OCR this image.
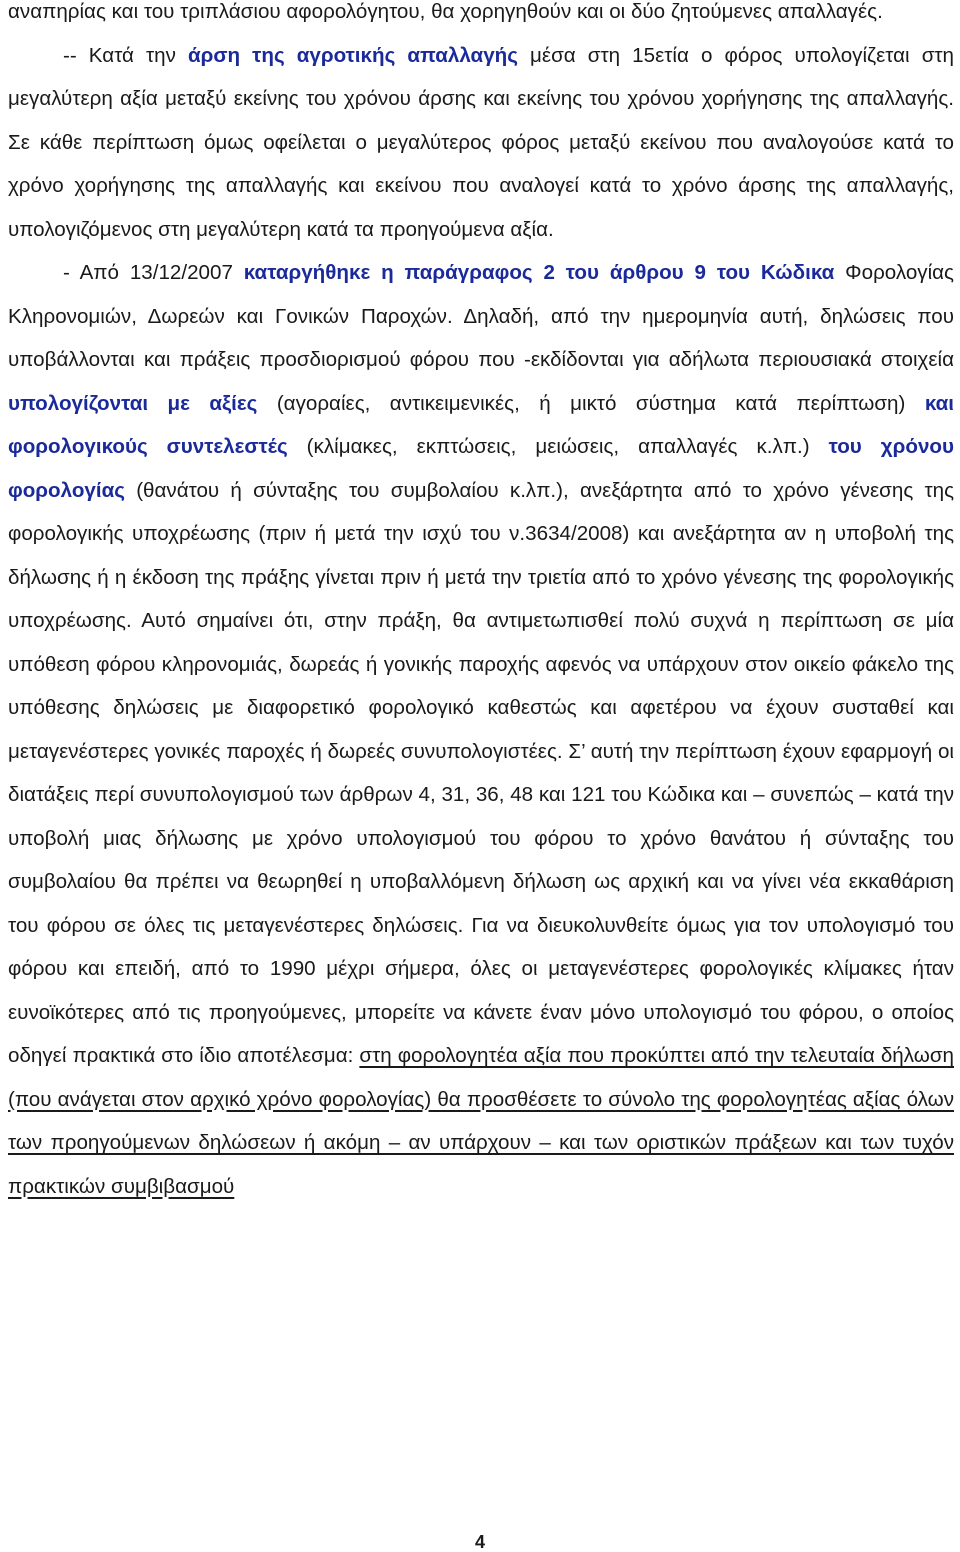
αναπηρίας και του τριπλάσιου αφορολόγητου, θα χορηγηθούν και οι δύο ζητούμενες απαλλαγές.

-- Κατά την άρση της αγροτικής απαλλαγής μέσα στη 15ετία ο φόρος υπολογίζεται στη μεγαλύτερη αξία μεταξύ εκείνης του χρόνου άρσης και εκείνης του χρόνου χορήγησης της απαλλαγής. Σε κάθε περίπτωση όμως οφείλεται ο μεγαλύτερος φόρος μεταξύ εκείνου που αναλογούσε κατά το χρόνο χορήγησης της απαλλαγής και εκείνου που αναλογεί κατά το χρόνο άρσης της απαλλαγής, υπολογιζόμενος στη μεγαλύτερη κατά τα προηγούμενα αξία.

- Από 13/12/2007 καταργήθηκε η παράγραφος 2 του άρθρου 9 του Κώδικα Φορολογίας Κληρονομιών, Δωρεών και Γονικών Παροχών. Δηλαδή, από την ημερομηνία αυτή, δηλώσεις που υποβάλλονται και πράξεις προσδιορισμού φόρου που -εκδίδονται για αδήλωτα περιουσιακά στοιχεία υπολογίζονται με αξίες (αγοραίες, αντικειμενικές, ή μικτό σύστημα κατά περίπτωση) και φορολογικούς συντελεστές (κλίμακες, εκπτώσεις, μειώσεις, απαλλαγές κ.λπ.) του χρόνου φορολογίας (θανάτου ή σύνταξης του συμβολαίου κ.λπ.), ανεξάρτητα από το χρόνο γένεσης της φορολογικής υποχρέωσης (πριν ή μετά την ισχύ του ν.3634/2008) και ανεξάρτητα αν η υποβολή της δήλωσης ή η έκδοση της πράξης γίνεται πριν ή μετά την τριετία από το χρόνο γένεσης της φορολογικής υποχρέωσης. Αυτό σημαίνει ότι, στην πράξη, θα αντιμετωπισθεί πολύ συχνά η περίπτωση σε μία υπόθεση φόρου κληρονομιάς, δωρεάς ή γονικής παροχής αφενός να υπάρχουν στον οικείο φάκελο της υπόθεσης δηλώσεις με διαφορετικό φορολογικό καθεστώς και αφετέρου να έχουν συσταθεί και μεταγενέστερες γονικές παροχές ή δωρεές συνυπολογιστέες. Σ’ αυτή την περίπτωση έχουν εφαρμογή οι διατάξεις περί συνυπολογισμού των άρθρων 4, 31, 36, 48 και 121 του Κώδικα και – συνεπώς – κατά την υποβολή μιας δήλωσης με χρόνο υπολογισμού του φόρου το χρόνο θανάτου ή σύνταξης του συμβολαίου θα πρέπει να θεωρηθεί η υποβαλλόμενη δήλωση ως αρχική και να γίνει νέα εκκαθάριση του φόρου σε όλες τις μεταγενέστερες δηλώσεις. Για να διευκολυνθείτε όμως για τον υπολογισμό του φόρου και επειδή, από το 1990 μέχρι σήμερα, όλες οι μεταγενέστερες φορολογικές κλίμακες ήταν ευνοϊκότερες από τις προηγούμενες, μπορείτε να κάνετε έναν μόνο υπολογισμό του φόρου, ο οποίος οδηγεί πρακτικά στο ίδιο αποτέλεσμα: στη φορολογητέα αξία που προκύπτει από την τελευταία δήλωση (που ανάγεται στον αρχικό χρόνο φορολογίας) θα προσθέσετε το σύνολο της φορολογητέας αξίας όλων των προηγούμενων δηλώσεων ή ακόμη – αν υπάρχουν – και των οριστικών πράξεων και των τυχόν πρακτικών συμβιβασμού

4
